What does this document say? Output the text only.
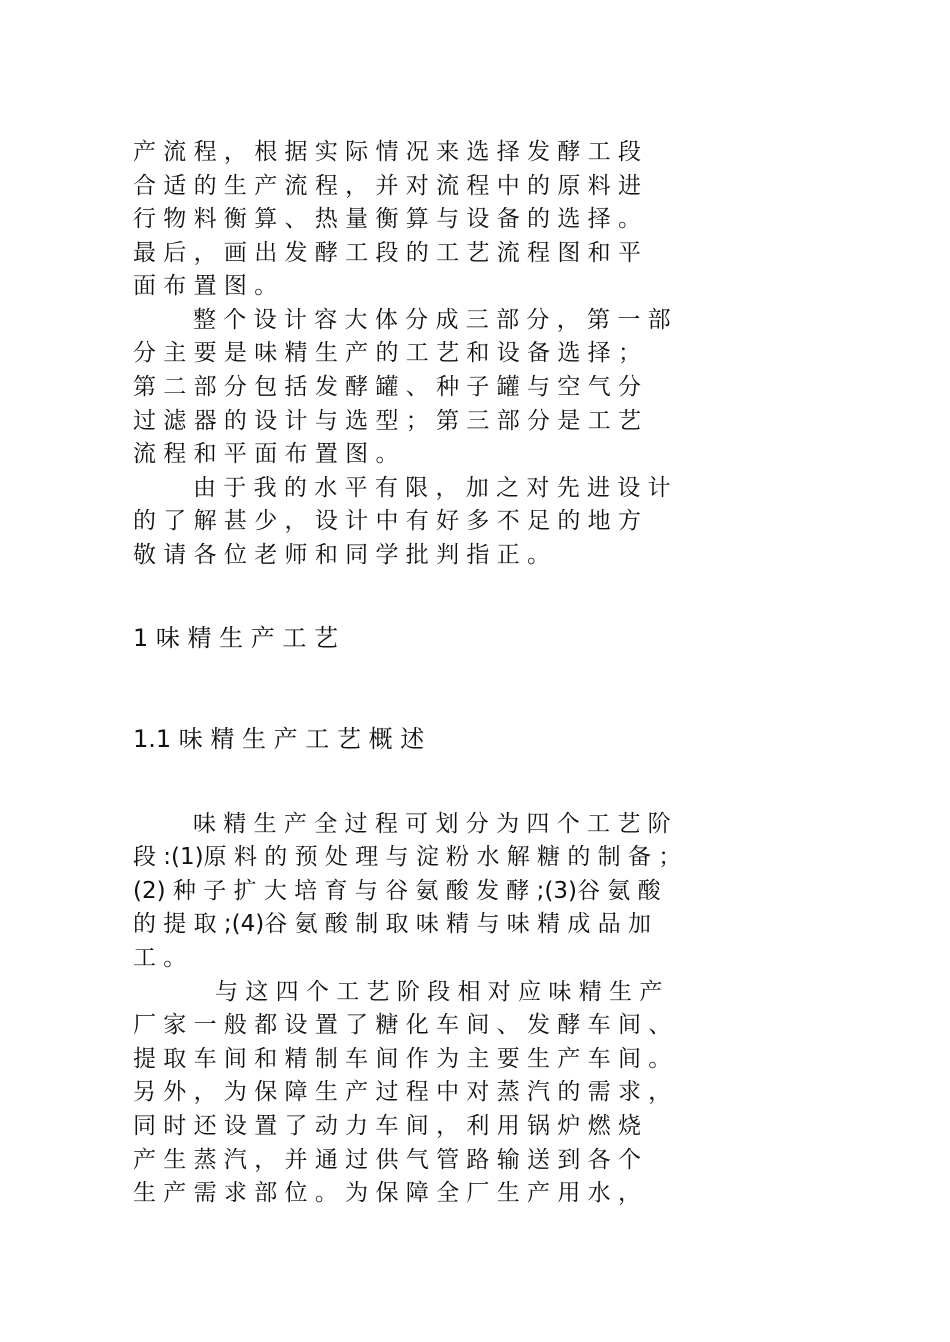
产 流 程 ， 根 据 实 际 情 况 来 选 择 发 酵 工 段
合 适 的 生 产 流 程 ， 并 对 流 程 中 的 原 料 进
行 物 料 衡 算 、 热 量 衡 算 与 设 备 的 选 择 。
最 后 ， 画 出 发 酵 工 段 的 工 艺 流 程 图 和 平
面 布 置 图 。
整 个 设 计 容 大 体 分 成 三 部 分 ， 第 一 部
分 主 要 是 味 精 生 产 的 工 艺 和 设 备 选 择 ；
第 二 部 分 包 括 发 酵 罐 、 种 子 罐 与 空 气 分
过 滤 器 的 设 计 与 选 型 ； 第 三 部 分 是 工 艺
流 程 和 平 面 布 置 图 。
由 于 我 的 水 平 有 限 ， 加 之 对 先 进 设 计
的 了 解 甚 少 ， 设 计 中 有 好 多 不 足 的 地 方
敬 请 各 位 老 师 和 同 学 批 判 指 正 。
1 味 精 生 产 工 艺
1.1 味 精 生 产 工 艺 概 述
味 精 生 产 全 过 程 可 划 分 为 四 个 工 艺 阶
段 :(1)原 料 的 预 处 理 与 淀 粉 水 解 糖 的 制 备 ；
(2) 种 子 扩 大 培 育 与 谷 氨 酸 发 酵 ;(3)谷 氨 酸
的 提 取 ;(4)谷 氨 酸 制 取 味 精 与 味 精 成 品 加
工 。
与 这 四 个 工 艺 阶 段 相 对 应 味 精 生 产
厂 家 一 般 都 设 置 了 糖 化 车 间 、 发 酵 车 间 、
提 取 车 间 和 精 制 车 间 作 为 主 要 生 产 车 间 。
另 外 ， 为 保 障 生 产 过 程 中 对 蒸 汽 的 需 求 ，
同 时 还 设 置 了 动 力 车 间 ， 利 用 锅 炉 燃 烧
产 生 蒸 汽 ， 并 通 过 供 气 管 路 输 送 到 各 个
生 产 需 求 部 位 。 为 保 障 全 厂 生 产 用 水 ，
